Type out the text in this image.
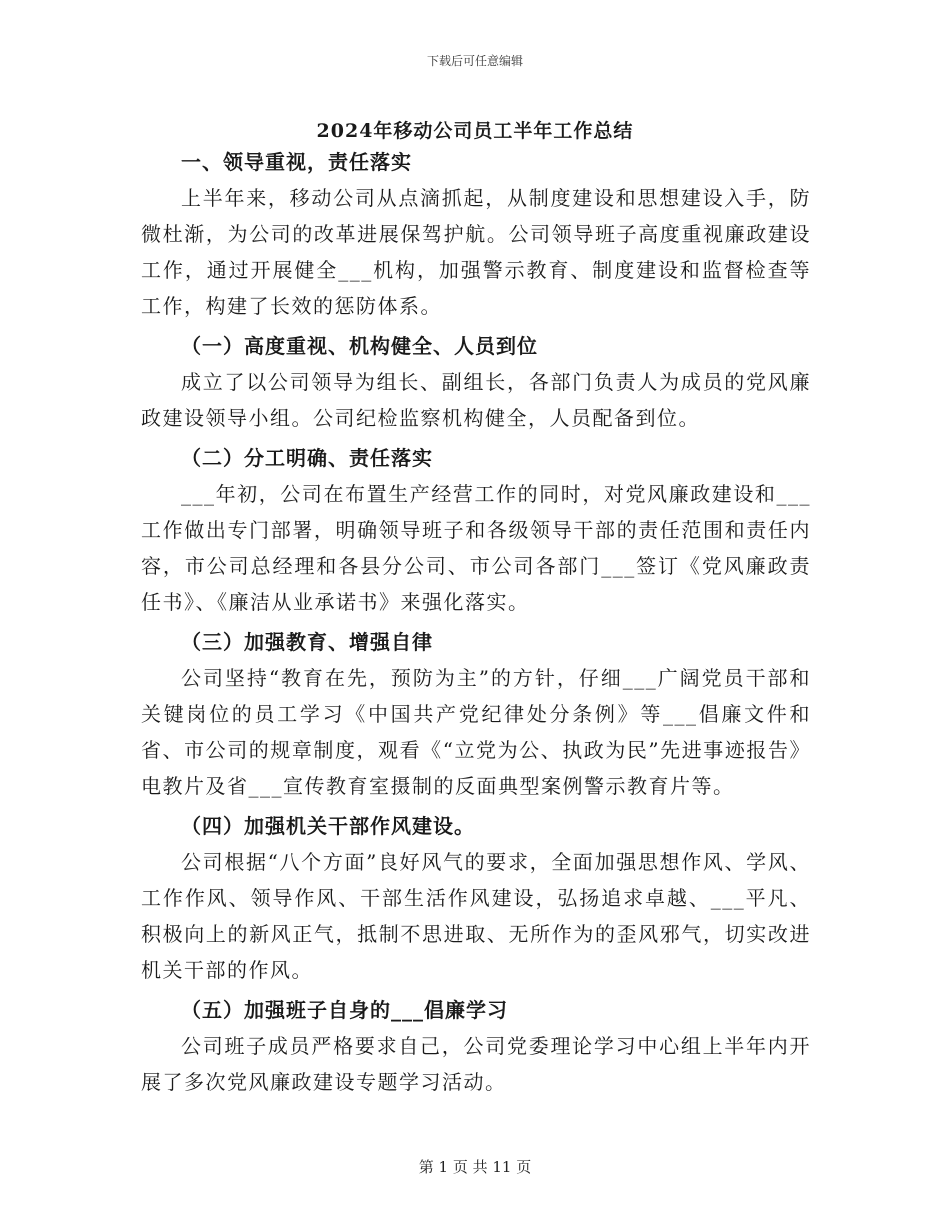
下载后可任意编辑
2024年移动公司员工半年工作总结
一、领导重视，责任落实

上半年来，移动公司从点滴抓起，从制度建设和思想建设入手，防微杜渐，为公司的改革进展保驾护航。公司领导班子高度重视廉政建设工作，通过开展健全___机构，加强警示教育、制度建设和监督检查等工作，构建了长效的惩防体系。

（一）高度重视、机构健全、人员到位

成立了以公司领导为组长、副组长，各部门负责人为成员的党风廉政建设领导小组。公司纪检监察机构健全，人员配备到位。

（二）分工明确、责任落实

___年初，公司在布置生产经营工作的同时，对党风廉政建设和___工作做出专门部署，明确领导班子和各级领导干部的责任范围和责任内容，市公司总经理和各县分公司、市公司各部门___签订《党风廉政责任书》、《廉洁从业承诺书》来强化落实。

（三）加强教育、增强自律

公司坚持“教育在先，预防为主”的方针，仔细___广阔党员干部和关键岗位的员工学习《中国共产党纪律处分条例》等___倡廉文件和省、市公司的规章制度，观看《“立党为公、执政为民”先进事迹报告》电教片及省___宣传教育室摄制的反面典型案例警示教育片等。

（四）加强机关干部作风建设。

公司根据“八个方面”良好风气的要求，全面加强思想作风、学风、工作作风、领导作风、干部生活作风建设，弘扬追求卓越、___平凡、积极向上的新风正气，抵制不思进取、无所作为的歪风邪气，切实改进机关干部的作风。

（五）加强班子自身的___倡廉学习

公司班子成员严格要求自己，公司党委理论学习中心组上半年内开展了多次党风廉政建设专题学习活动。

第 1 页 共 11 页
